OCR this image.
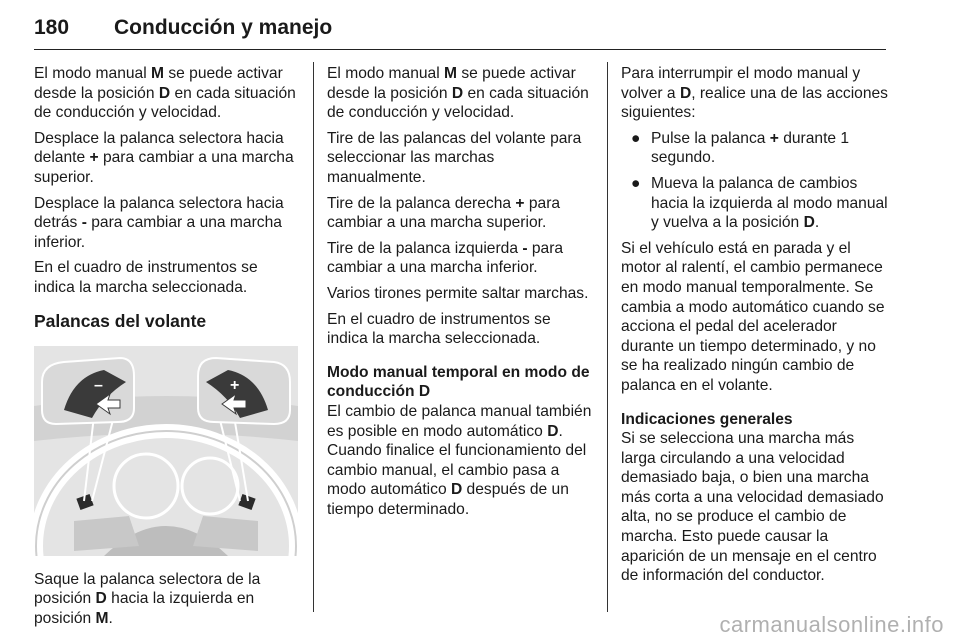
180 Conducción y manejo

El modo manual M se puede activar desde la posición D en cada situación de conducción y velocidad.

Desplace la palanca selectora hacia delante + para cambiar a una marcha superior.

Desplace la palanca selectora hacia detrás - para cambiar a una marcha inferior.

En el cuadro de instrumentos se indica la marcha seleccionada.

Palancas del volante
–	+

Saque la palanca selectora de la posición D hacia la izquierda en posición M.

El modo manual M se puede activar desde la posición D en cada situación de conducción y velocidad.

Tire de las palancas del volante para seleccionar las marchas manualmente.

Tire de la palanca derecha + para cambiar a una marcha superior.

Tire de la palanca izquierda - para cambiar a una marcha inferior.

Varios tirones permite saltar marchas.

En el cuadro de instrumentos se indica la marcha seleccionada.

Modo manual temporal en modo de conducción D

El cambio de palanca manual también es posible en modo automático D. Cuando finalice el funcionamiento del cambio manual, el cambio pasa a modo automático D después de un tiempo determinado.

Para interrumpir el modo manual y volver a D, realice una de las acciones siguientes:

● Pulse la palanca + durante 1 segundo.
● Mueva la palanca de cambios hacia la izquierda al modo manual y vuelva a la posición D.

Si el vehículo está en parada y el motor al ralentí, el cambio permanece en modo manual temporalmente. Se cambia a modo automático cuando se acciona el pedal del acelerador durante un tiempo determinado, y no se ha realizado ningún cambio de palanca en el volante.

Indicaciones generales

Si se selecciona una marcha más larga circulando a una velocidad demasiado baja, o bien una marcha más corta a una velocidad demasiado alta, no se produce el cambio de marcha. Esto puede causar la aparición de un mensaje en el centro de información del conductor.

carmanualsonline.info
